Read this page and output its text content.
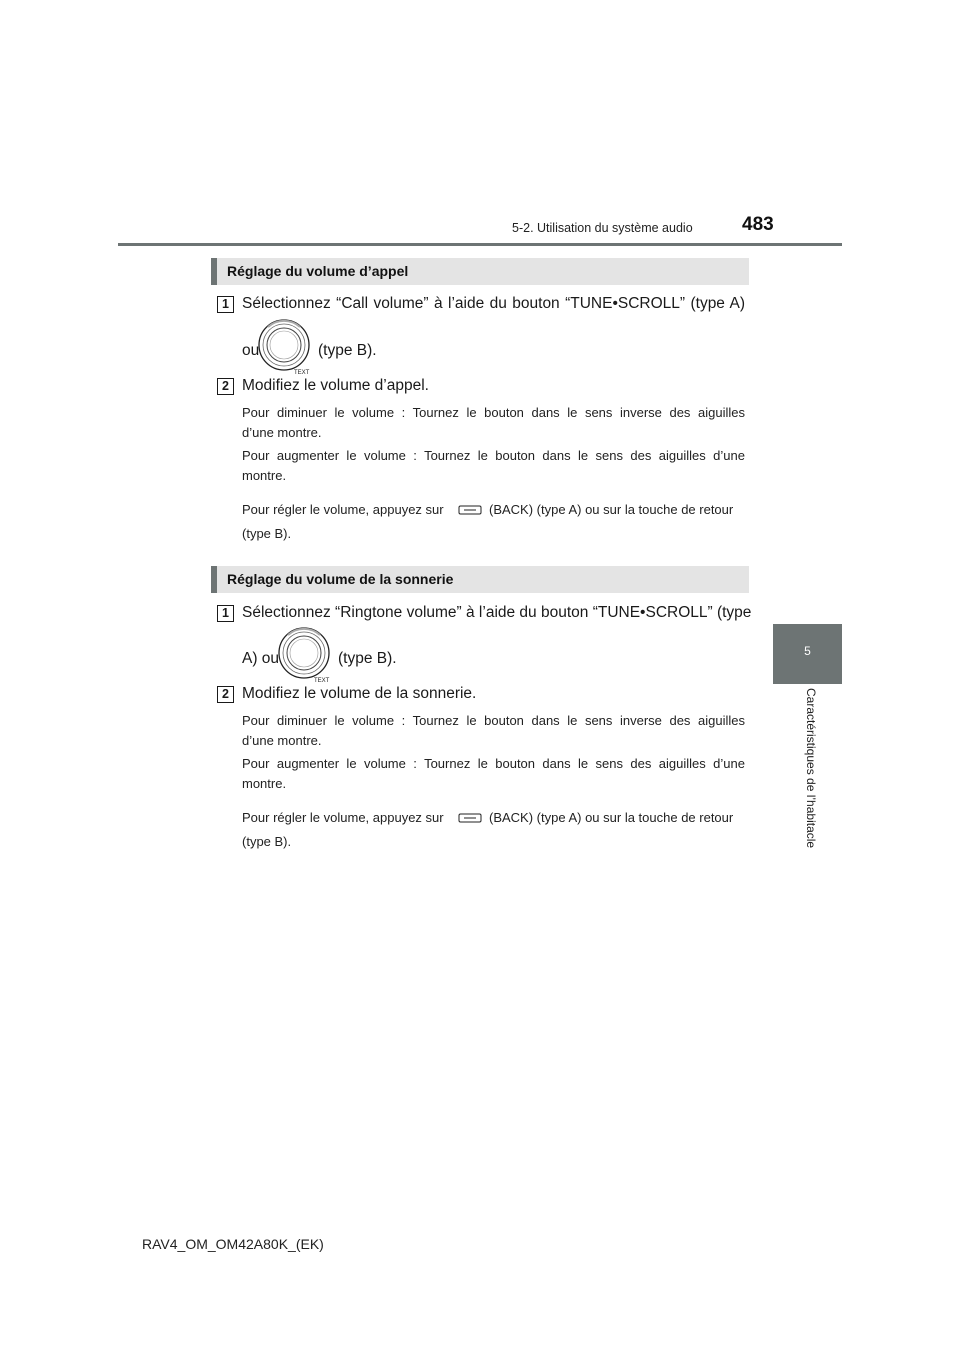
5-2. Utilisation du système audio	483
5
Caractéristiques de l’habitacle
Réglage du volume d’appel
1 Sélectionnez “Call volume” à l’aide du bouton “TUNE•SCROLL” (type A)
ou
TEXT
(type B).
2 Modifiez le volume d’appel.
Pour diminuer le volume : Tournez le bouton dans le sens inverse des aiguilles
d’une montre.
Pour augmenter le volume : Tournez le bouton dans le sens des aiguilles d’une
montre.
Pour régler le volume, appuyez sur	(BACK) (type A) ou sur la touche de retour
(type B).
Réglage du volume de la sonnerie
1 Sélectionnez “Ringtone volume” à l’aide du bouton “TUNE•SCROLL” (type
A) ou
TEXT
(type B).
2 Modifiez le volume de la sonnerie.
Pour diminuer le volume : Tournez le bouton dans le sens inverse des aiguilles
d’une montre.
Pour augmenter le volume : Tournez le bouton dans le sens des aiguilles d’une
montre.
Pour régler le volume, appuyez sur	(BACK) (type A) ou sur la touche de retour
(type B).
RAV4_OM_OM42A80K_(EK)
